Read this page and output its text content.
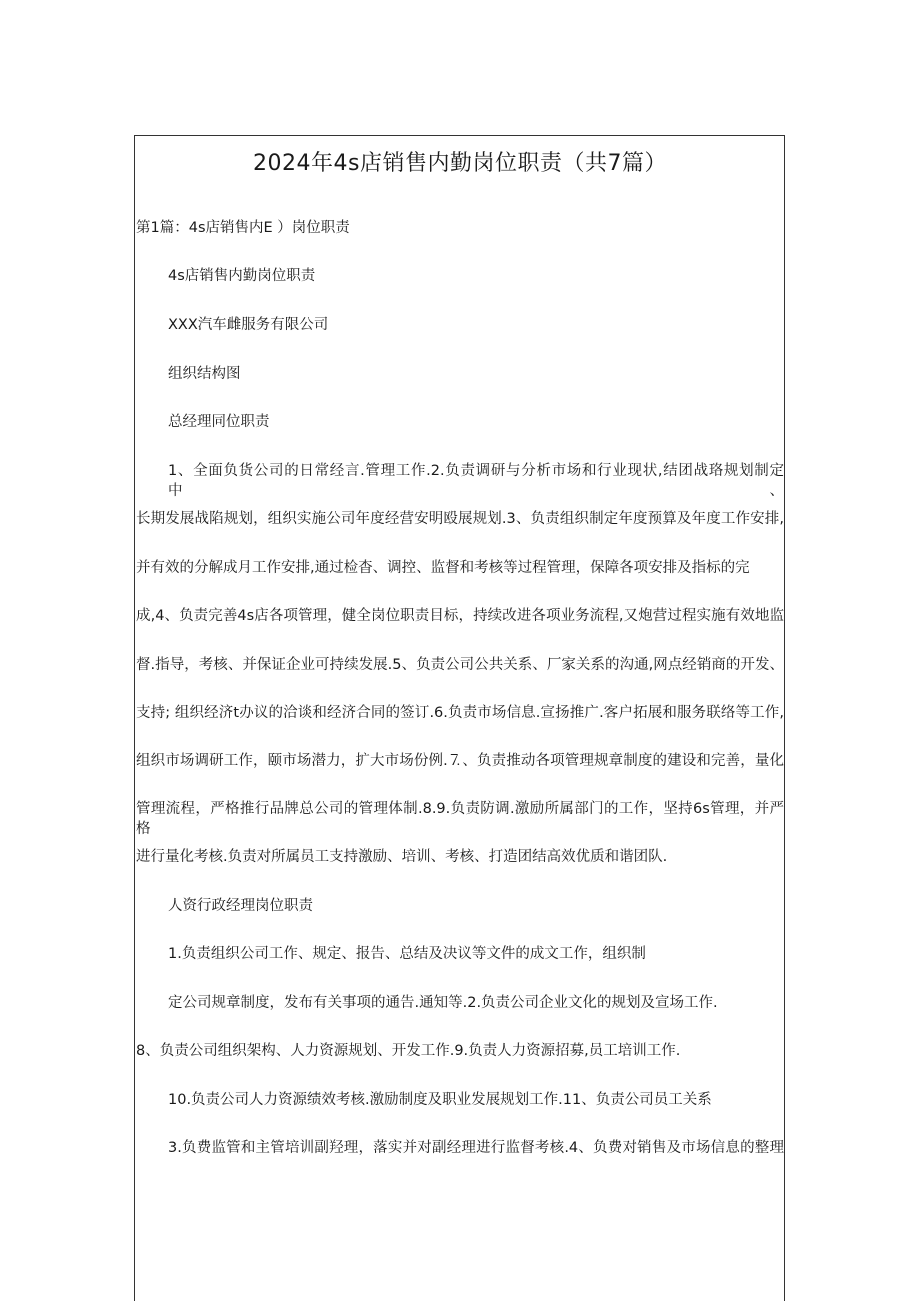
2024年4s店销售内勤岗位职责（共7篇）
第1篇：4s店销售内E ）岗位职责
4s店销售内勤岗位职责
XXX汽车雌服务有限公司
组织结构图
总经理同位职责
1、全面负货公司的日常经言.管理工作.2.负责调研与分析市场和行业现状,结团战珞规划制定中、
长期发展战陷规划，组织实施公司年度经营安明殴展规划.3、负责组织制定年度预算及年度工作安排,
并有效的分解成月工作安排,通过检杳、调控、监督和考核等过程管理，保障各项安排及指标的完
成,4、负责完善4s店各项管理，健全岗位职责目标，持续改进各项业务流程,又炮营过程实施有效地监
督.指导，考核、并保证企业可持续发展.5、负责公司公共关系、厂家关系的沟通,网点经销商的开发、
支持; 组织经济t办议的洽谈和经济合同的签订.6.负责市场信息.宣扬推广.客户拓展和服务联络等工作,
组织市场调研工作，颐市场潜力，扩大市场份例.⒎、负责推动各项管理规章制度的建设和完善，量化
管理流程，严格推行品牌总公司的管理体制.8.9.负责防调.激励所属部门的工作，坚持6s管理，并严格
进行量化考核.负责对所属员工支持激励、培训、考核、打造团结高效优质和谐团队.
人资行政经理岗位职责
1.负责组织公司工作、规定、报告、总结及决议等文件的成文工作，组织制
定公司规章制度，发布有关事项的通告.通知等.2.负责公司企业文化的规划及宣场工作.
8、负责公司组织架构、人力资源规划、开发工作.9.负责人力资源招募,员工培训工作.
10.负责公司人力资源绩效考核.激励制度及职业发展规划工作.11、负责公司员工关系
3.负费监管和主管培训副羟理，落实并对副经理进行监督考核.4、负费对销售及市场信息的整理
